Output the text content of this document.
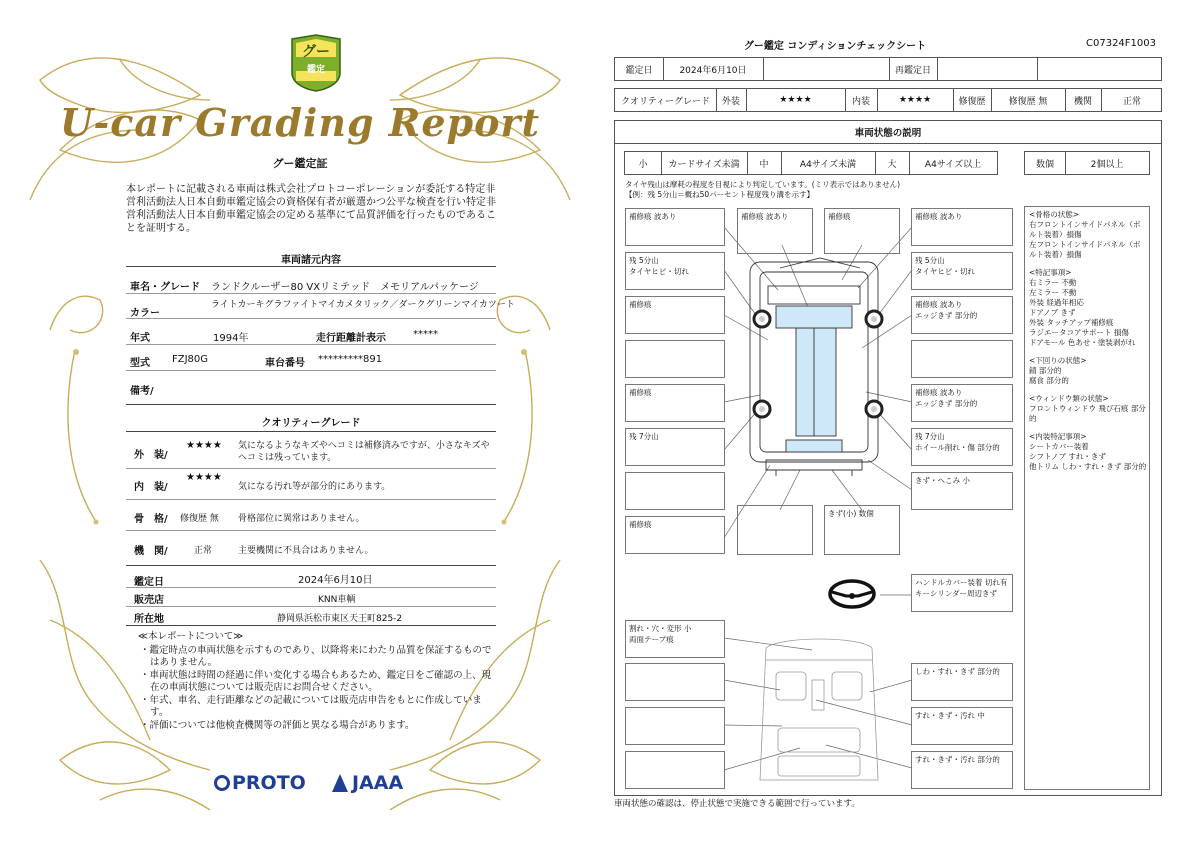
グー
鑑定
U-car Grading Report
グー鑑定証
本レポートに記載される車両は株式会社プロトコーポレーションが委託する特定非営利活動法人日本自動車鑑定協会の資格保有者が厳選かつ公平な検査を行い特定非営利活動法人日本自動車鑑定協会の定める基準にて品質評価を行ったものであることを証明する。
車両諸元内容
車名・グレード ランドクルーザー80 VXリミテッド　メモリアルパッケージ
カラー
ライトカーキグラファイトマイカメタリック／ダークグリーンマイカツート
年式	1994年	走行距離計表示	*****
型式 FZJ80G	車台番号 *********891
備考/
クオリティーグレード
外　装/
★★★★ 気になるようなキズやヘコミは補修済みですが、小さなキズやヘコミは残っています。
内　装/
★★★★
気になる汚れ等が部分的にあります。
骨　格/ 修復歴 無 骨格部位に異常はありません。
機　関/	正常	主要機関に不具合はありません。
鑑定日	2024年6月10日
販売店	KNN車輌
所在地	静岡県浜松市東区天王町825-2
≪本レポートについて≫
・鑑定時点の車両状態を示すものであり、以降将来にわたり品質を保証するものではありません。
・車両状態は時間の経過に伴い変化する場合もあるため、鑑定日をご確認の上、現在の車両状態については販売店にお問合せください。
・年式、車名、走行距離などの記載については販売店申告をもとに作成しています。
・評価については他検査機関等の評価と異なる場合があります。
PROTO	JAAA
グー鑑定 コンディションチェックシート	C07324F1003
鑑定日	2024年6月10日	再鑑定日
クオリティーグレード	外装	★★★★	内装	★★★★	修復歴	修復歴 無	機関	正常
車両状態の説明
小	カードサイズ未満	中	A4サイズ未満	大	A4サイズ以上	数個	2個以上
タイヤ残山は摩耗の程度を目視により判定しています。(ミリ表示ではありません)
【例：残 5分山＝概ね50パーセント程度残り溝を示す】
補修痕 波あり
残 5分山
タイヤヒビ・切れ
補修痕
補修痕
残 7分山
補修痕
補修痕 波あり	補修痕	補修痕 波あり
残 5分山
タイヤヒビ・切れ
補修痕 波あり
エッジきず 部分的
補修痕 波あり
エッジきず 部分的
残 7分山
ホイール削れ・傷 部分的
きず・へこみ 小
きず(小) 数個
ハンドルカバー装着 切れ有
キーシリンダー周辺きず
割れ・穴・変形 小
両面テープ痕
しわ・すれ・きず 部分的
すれ・きず・汚れ 中
すれ・きず・汚れ 部分的
<骨格の状態>
右フロントインサイドパネル（ボルト装着）損傷
左フロントインサイドパネル（ボルト装着）損傷
<特記事項>
右ミラー 不動
左ミラー 不動
外装 経過年相応
ドアノブ きず
外装 タッチアップ補修痕
ラジエータコアサポート 損傷
ドアモール 色あせ・塗装剥がれ
<下回りの状態>
錆 部分的
腐食 部分的
<ウィンドウ類の状態>
フロントウィンドウ 飛び石痕 部分的
<内装特記事項>
シートカバー装着
シフトノブ すれ・きず
他トリム しわ・すれ・きず 部分的
車両状態の確認は、停止状態で実施できる範囲で行っています。
